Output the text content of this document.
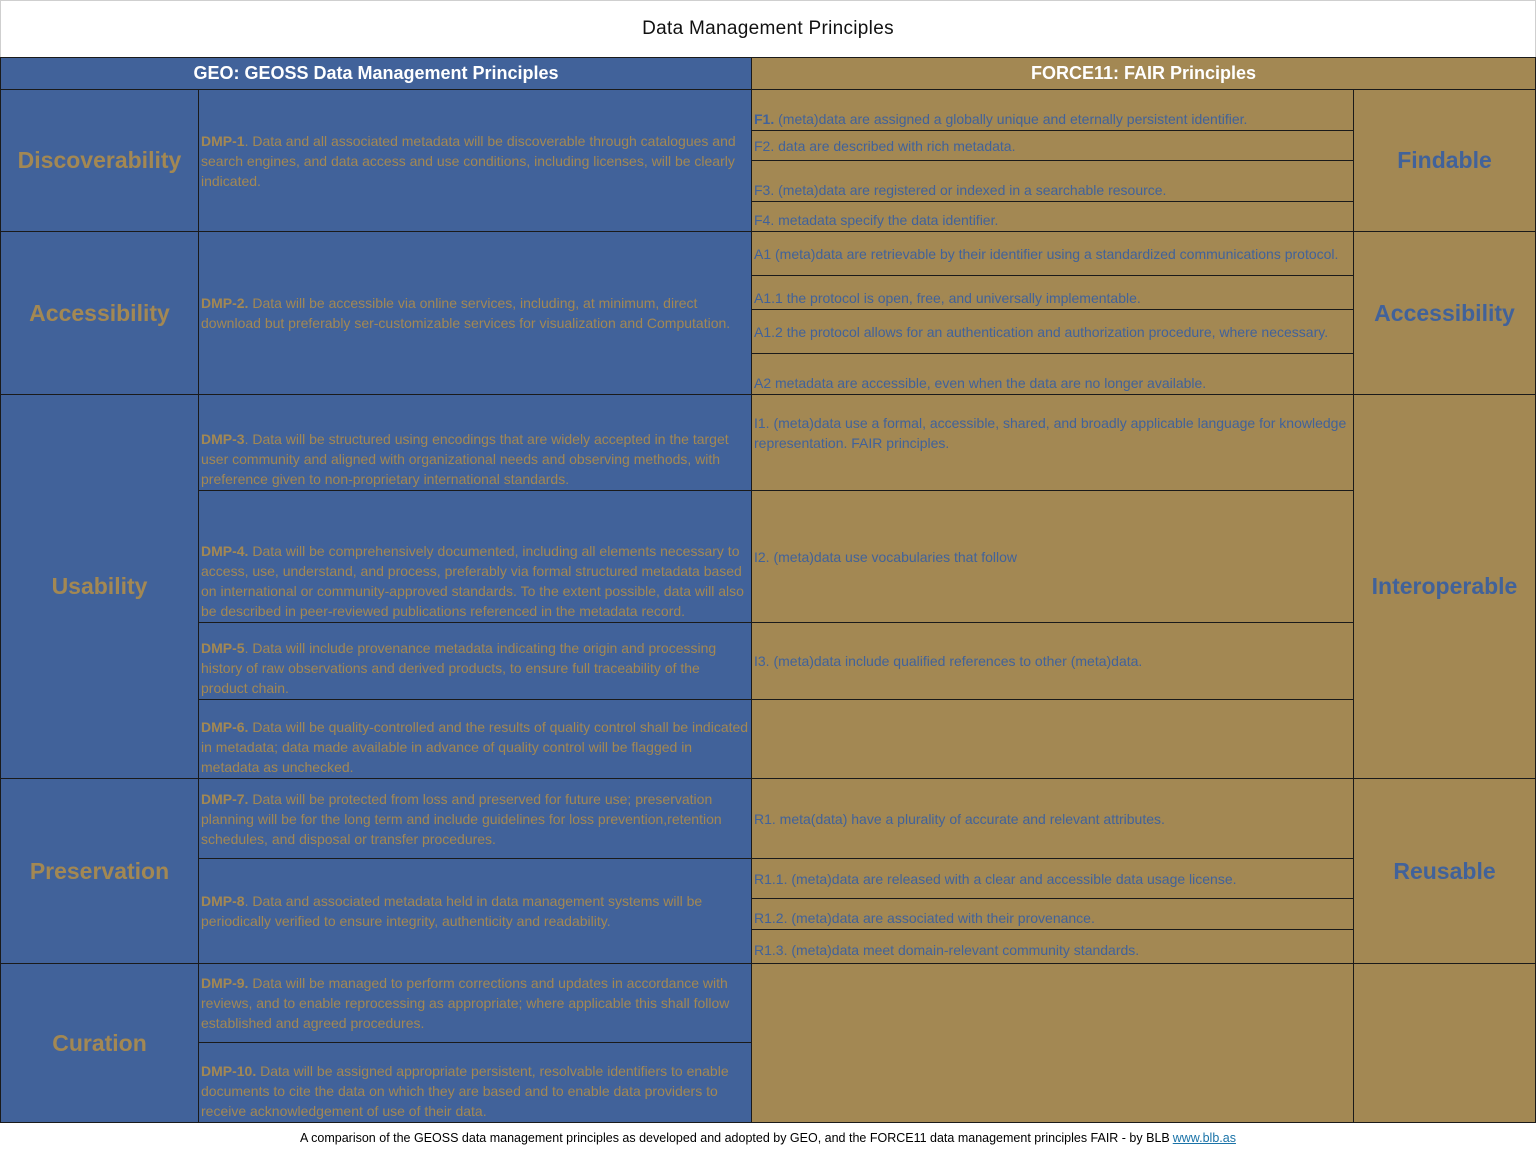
Data Management Principles
GEO: GEOSS Data Management Principles	FORCE11: FAIR Principles
Discoverability
Accessibility
Usability
Preservation
Curation
DMP-1. Data and all associated metadata will be discoverable through catalogues and search engines, and data access and use conditions, including licenses, will be clearly indicated.
DMP-2. Data will be accessible via online services, including, at minimum, direct download but preferably ser-customizable services for visualization and Computation.
DMP-3. Data will be structured using encodings that are widely accepted in the target user community and aligned with organizational needs and observing methods, with preference given to non-proprietary international standards.
DMP-4. Data will be comprehensively documented, including all elements necessary to access, use, understand, and process, preferably via formal structured metadata based on international or community-approved standards. To the extent possible, data will also be described in peer-reviewed publications referenced in the metadata record.
DMP-5. Data will include provenance metadata indicating the origin and processing history of raw observations and derived products, to ensure full traceability of the product chain.
DMP-6. Data will be quality-controlled and the results of quality control shall be indicated in metadata; data made available in advance of quality control will be flagged in metadata as unchecked.
DMP-7. Data will be protected from loss and preserved for future use; preservation planning will be for the long term and include guidelines for loss prevention,retention schedules, and disposal or transfer procedures.
DMP-8. Data and associated metadata held in data management systems will be periodically verified to ensure integrity, authenticity and readability.
DMP-9. Data will be managed to perform corrections and updates in accordance with reviews, and to enable reprocessing as appropriate; where applicable this shall follow established and agreed procedures.
DMP-10. Data will be assigned appropriate persistent, resolvable identifiers to enable documents to cite the data on which they are based and to enable data providers to receive acknowledgement of use of their data.
F1. (meta)data are assigned a globally unique and eternally persistent identifier.
F2. data are described with rich metadata.
F3. (meta)data are registered or indexed in a searchable resource.
F4. metadata specify the data identifier.
A1 (meta)data are retrievable by their identifier using a standardized communications protocol.
A1.1 the protocol is open, free, and universally implementable.
A1.2 the protocol allows for an authentication and authorization procedure, where necessary.
A2 metadata are accessible, even when the data are no longer available.
I1. (meta)data use a formal, accessible, shared, and broadly applicable language for knowledge representation. FAIR principles.
I2. (meta)data use vocabularies that follow
I3. (meta)data include qualified references to other (meta)data.
R1. meta(data) have a plurality of accurate and relevant attributes.
R1.1. (meta)data are released with a clear and accessible data usage license.
R1.2. (meta)data are associated with their provenance.
R1.3. (meta)data meet domain-relevant community standards.
Findable
Accessibility
Interoperable
Reusable
A comparison of the GEOSS data management principles as developed and adopted by GEO, and the FORCE11 data management principles FAIR - by BLB www.blb.as
